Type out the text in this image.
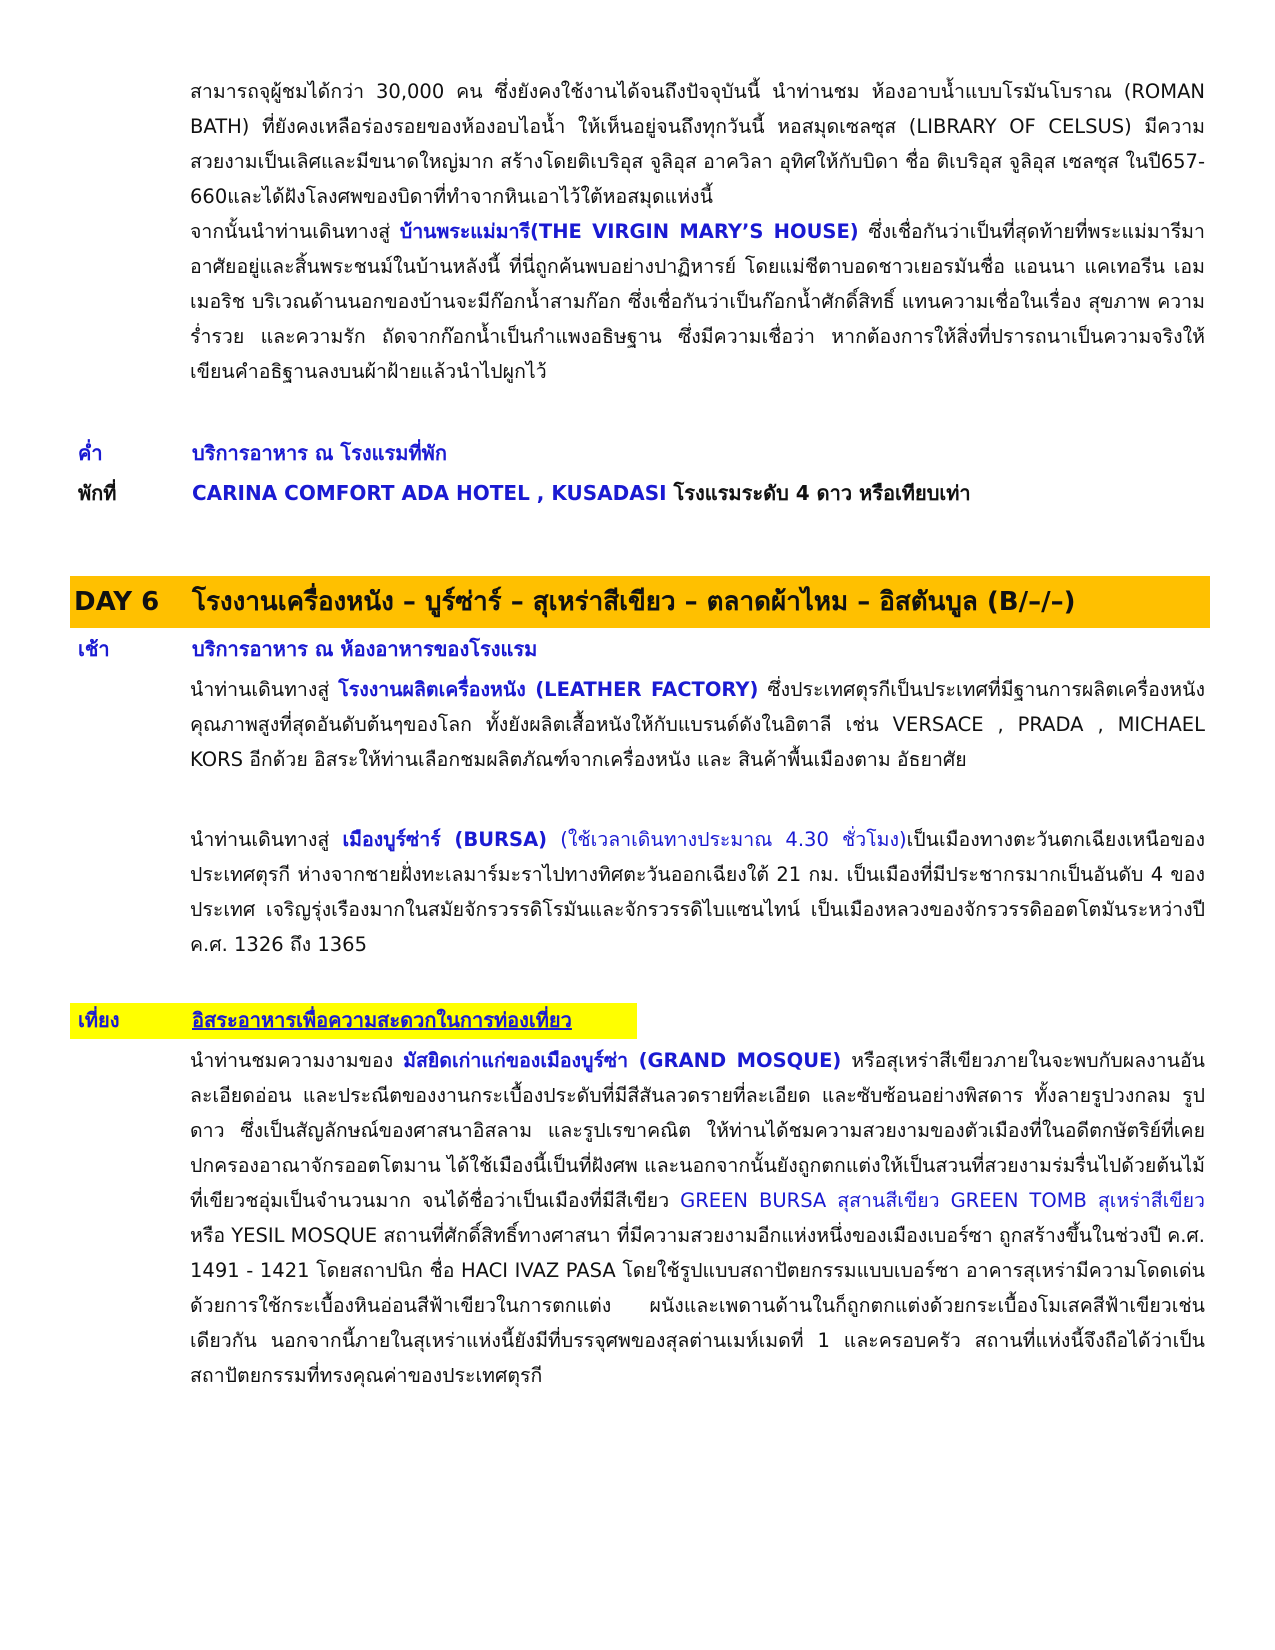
สามารถจุผู้ชมได้กว่า 30,000 คน ซึ่งยังคงใช้งานได้จนถึงปัจจุบันนี้ นำท่านชม ห้องอาบน้ำแบบโรมันโบราณ (ROMAN BATH) ที่ยังคงเหลือร่องรอยของห้องอบไอน้ำ ให้เห็นอยู่จนถึงทุกวันนี้ หอสมุดเซลซุส (LIBRARY OF CELSUS) มีความสวยงามเป็นเลิศและมีขนาดใหญ่มาก สร้างโดยติเบริอุส จูลิอุส อาควิลา อุทิศให้กับบิดา ชื่อ ติเบริอุส จูลิอุส เซลซุส ในปี657-660และได้ฝังโลงศพของบิดาที่ทำจากหินเอาไว้ใต้หอสมุดแห่งนี้
จากนั้นนำท่านเดินทางสู่ บ้านพระแม่มารี(THE VIRGIN MARY’S HOUSE) ซึ่งเชื่อกันว่าเป็นที่สุดท้ายที่พระแม่มารีมาอาศัยอยู่และสิ้นพระชนม์ในบ้านหลังนี้ ที่นี่ถูกค้นพบอย่างปาฏิหารย์ โดยแม่ชีตาบอดชาวเยอรมันชื่อ แอนนา แคเทอรีน เอมเมอริช บริเวณด้านนอกของบ้านจะมีก๊อกน้ำสามก๊อก ซึ่งเชื่อกันว่าเป็นก๊อกน้ำศักดิ์สิทธิ์ แทนความเชื่อในเรื่อง สุขภาพ ความร่ำรวย และความรัก ถัดจากก๊อกน้ำเป็นกำแพงอธิษฐาน ซึ่งมีความเชื่อว่า หากต้องการให้สิ่งที่ปรารถนาเป็นความจริงให้เขียนคำอธิฐานลงบนผ้าฝ้ายแล้วนำไปผูกไว้
ค่ำ	บริการอาหาร ณ โรงแรมที่พัก
พักที่	CARINA COMFORT ADA HOTEL , KUSADASI โรงแรมระดับ 4 ดาว หรือเทียบเท่า
DAY 6 โรงงานเครื่องหนัง – บูร์ซ่าร์ – สุเหร่าสีเขียว – ตลาดผ้าไหม – อิสตันบูล (B/–/–)
เช้า	บริการอาหาร ณ ห้องอาหารของโรงแรม
นำท่านเดินทางสู่ โรงงานผลิตเครื่องหนัง (LEATHER FACTORY) ซึ่งประเทศตุรกีเป็นประเทศที่มีฐานการผลิตเครื่องหนังคุณภาพสูงที่สุดอันดับต้นๆของโลก ทั้งยังผลิตเสื้อหนังให้กับแบรนด์ดังในอิตาลี เช่น VERSACE , PRADA , MICHAEL KORS อีกด้วย อิสระให้ท่านเลือกชมผลิตภัณฑ์จากเครื่องหนัง และ สินค้าพื้นเมืองตาม อัธยาศัย
นำท่านเดินทางสู่ เมืองบูร์ซ่าร์ (BURSA) (ใช้เวลาเดินทางประมาณ 4.30 ชั่วโมง)เป็นเมืองทางตะวันตกเฉียงเหนือของประเทศตุรกี ห่างจากชายฝั่งทะเลมาร์มะราไปทางทิศตะวันออกเฉียงใต้ 21 กม. เป็นเมืองที่มีประชากรมากเป็นอันดับ 4 ของประเทศ เจริญรุ่งเรืองมากในสมัยจักรวรรดิโรมันและจักรวรรดิไบแซนไทน์ เป็นเมืองหลวงของจักรวรรดิออตโตมันระหว่างปี ค.ศ. 1326 ถึง 1365
เที่ยง	อิสระอาหารเพื่อความสะดวกในการท่องเที่ยว
นำท่านชมความงามของ มัสยิดเก่าแก่ของเมืองบูร์ซ่า (GRAND MOSQUE) หรือสุเหร่าสีเขียวภายในจะพบกับผลงานอันละเอียดอ่อน และประณีตของงานกระเบื้องประดับที่มีสีสันลวดรายที่ละเอียด และซับซ้อนอย่างพิสดาร ทั้งลายรูปวงกลม รูปดาว ซึ่งเป็นสัญลักษณ์ของศาสนาอิสลาม และรูปเรขาคณิต ให้ท่านได้ชมความสวยงามของตัวเมืองที่ในอดีตกษัตริย์ที่เคยปกครองอาณาจักรออตโตมาน ได้ใช้เมืองนี้เป็นที่ฝังศพ และนอกจากนั้นยังถูกตกแต่งให้เป็นสวนที่สวยงามร่มรื่นไปด้วยต้นไม้ที่เขียวชอุ่มเป็นจำนวนมาก จนได้ชื่อว่าเป็นเมืองที่มีสีเขียว GREEN BURSA สุสานสีเขียว GREEN TOMB สุเหร่าสีเขียว หรือ YESIL MOSQUE สถานที่ศักดิ์สิทธิ์ทางศาสนา ที่มีความสวยงามอีกแห่งหนึ่งของเมืองเบอร์ซา ถูกสร้างขึ้นในช่วงปี ค.ศ. 1491 - 1421 โดยสถาปนิก ชื่อ HACI IVAZ PASA โดยใช้รูปแบบสถาปัตยกรรมแบบเบอร์ซา อาคารสุเหร่ามีความโดดเด่นด้วยการใช้กระเบื้องหินอ่อนสีฟ้าเขียวในการตกแต่ง ผนังและเพดานด้านในก็ถูกตกแต่งด้วยกระเบื้องโมเสคสีฟ้าเขียวเช่นเดียวกัน นอกจากนี้ภายในสุเหร่าแห่งนี้ยังมีที่บรรจุศพของสุลต่านเมห์เมดที่ 1 และครอบครัว สถานที่แห่งนี้จึงถือได้ว่าเป็นสถาปัตยกรรมที่ทรงคุณค่าของประเทศตุรกี
